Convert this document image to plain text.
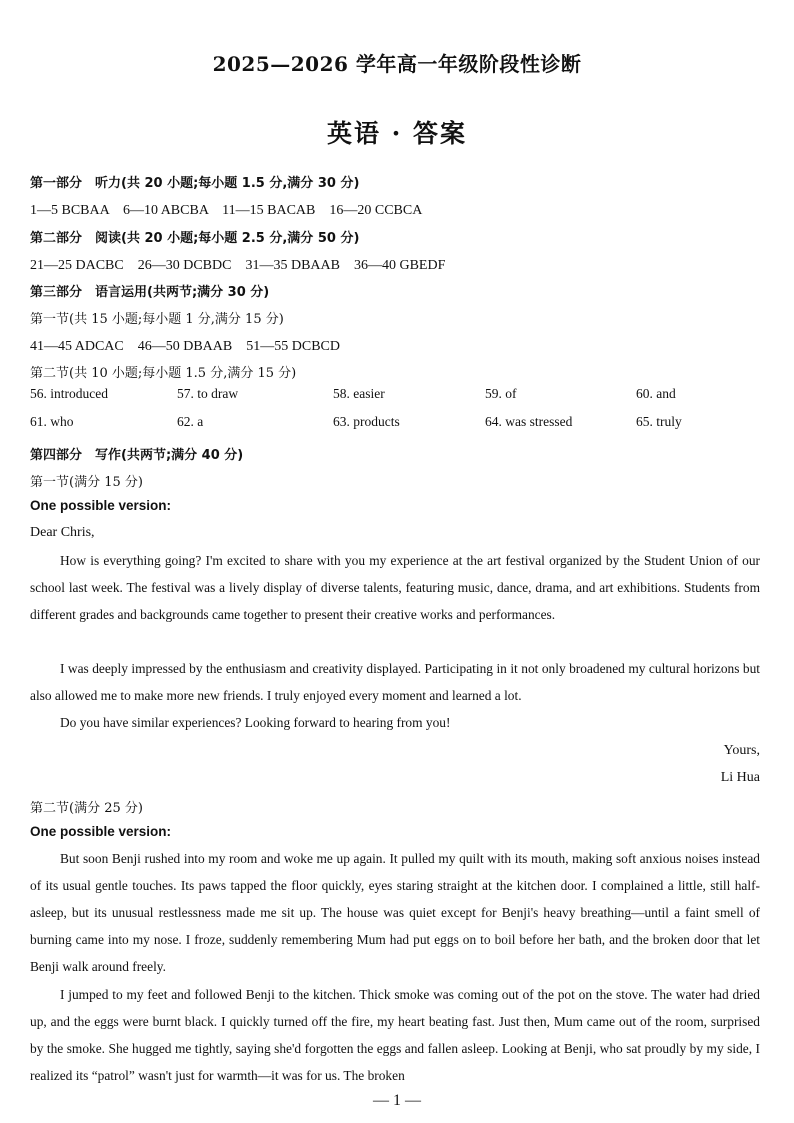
2025—2026 学年高一年级阶段性诊断
英语 · 答案
第一部分　听力(共 20 小题;每小题 1.5 分,满分 30 分)
1—5 BCBAA　6—10 ABCBA　11—15 BACAB　16—20 CCBCA
第二部分　阅读(共 20 小题;每小题 2.5 分,满分 50 分)
21—25 DACBC　26—30 DCBDC　31—35 DBAAB　36—40 GBEDF
第三部分　语言运用(共两节;满分 30 分)
第一节(共 15 小题;每小题 1 分,满分 15 分)
41—45 ADCAC　46—50 DBAAB　51—55 DCBCD
第二节(共 10 小题;每小题 1.5 分,满分 15 分)
56. introduced	57. to draw	58. easier	59. of	60. and
61. who	62. a	63. products	64. was stressed	65. truly
第四部分　写作(共两节;满分 40 分)
第一节(满分 15 分)
One possible version:
Dear Chris,
How is everything going? I'm excited to share with you my experience at the art festival organized by the Student Union of our school last week. The festival was a lively display of diverse talents, featuring music, dance, drama, and art exhibitions. Students from different grades and backgrounds came together to present their creative works and performances.
I was deeply impressed by the enthusiasm and creativity displayed. Participating in it not only broadened my cultural horizons but also allowed me to make more new friends. I truly enjoyed every moment and learned a lot.
Do you have similar experiences? Looking forward to hearing from you!
Yours,
Li Hua
第二节(满分 25 分)
One possible version:
But soon Benji rushed into my room and woke me up again. It pulled my quilt with its mouth, making soft anxious noises instead of its usual gentle touches. Its paws tapped the floor quickly, eyes staring straight at the kitchen door. I complained a little, still half-asleep, but its unusual restlessness made me sit up. The house was quiet except for Benji's heavy breathing—until a faint smell of burning came into my nose. I froze, suddenly remembering Mum had put eggs on to boil before her bath, and the broken door that let Benji walk around freely.
I jumped to my feet and followed Benji to the kitchen. Thick smoke was coming out of the pot on the stove. The water had dried up, and the eggs were burnt black. I quickly turned off the fire, my heart beating fast. Just then, Mum came out of the room, surprised by the smoke. She hugged me tightly, saying she'd forgotten the eggs and fallen asleep. Looking at Benji, who sat proudly by my side, I realized its “patrol” wasn't just for warmth—it was for us. The broken
— 1 —
